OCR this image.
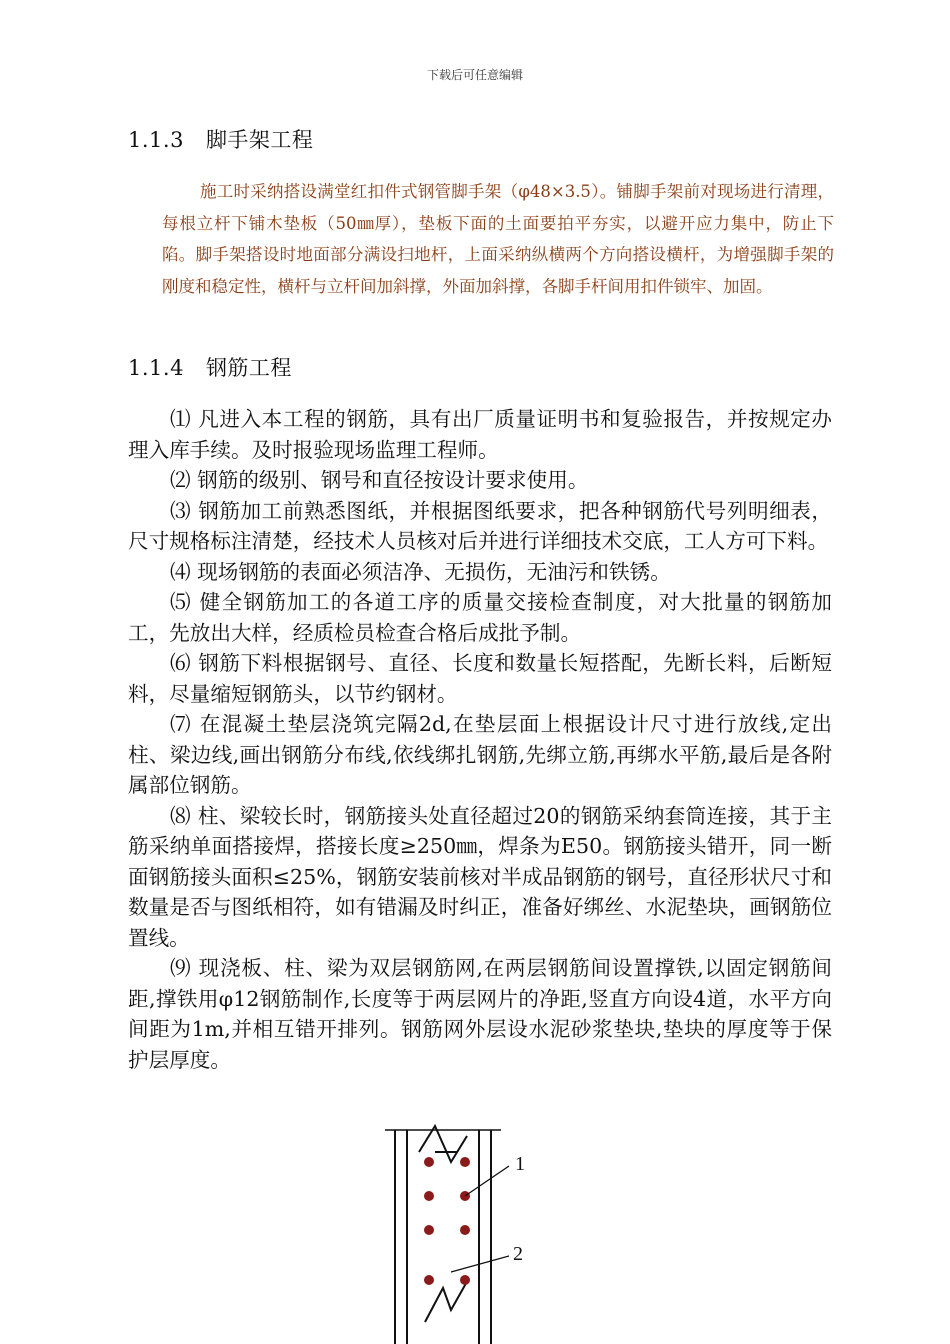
下载后可任意编辑
1.1.3 脚手架工程
施工时采纳搭设满堂红扣件式钢管脚手架（φ48×3.5）。铺脚手架前对现场进行清理，每根立杆下铺木垫板（50㎜厚），垫板下面的土面要拍平夯实，以避开应力集中，防止下陷。脚手架搭设时地面部分满设扫地杆，上面采纳纵横两个方向搭设横杆，为增强脚手架的刚度和稳定性，横杆与立杆间加斜撑，外面加斜撑，各脚手杆间用扣件锁牢、加固。
1.1.4 钢筋工程

⑴ 凡进入本工程的钢筋，具有出厂质量证明书和复验报告，并按规定办理入库手续。及时报验现场监理工程师。

⑵ 钢筋的级别、钢号和直径按设计要求使用。

⑶ 钢筋加工前熟悉图纸，并根据图纸要求，把各种钢筋代号列明细表，尺寸规格标注清楚，经技术人员核对后并进行详细技术交底，工人方可下料。

⑷ 现场钢筋的表面必须洁净、无损伤，无油污和铁锈。

⑸ 健全钢筋加工的各道工序的质量交接检查制度，对大批量的钢筋加工，先放出大样，经质检员检查合格后成批予制。

⑹ 钢筋下料根据钢号、直径、长度和数量长短搭配，先断长料，后断短料，尽量缩短钢筋头，以节约钢材。

⑺ 在混凝土垫层浇筑完隔2d,在垫层面上根据设计尺寸进行放线,定出柱、梁边线,画出钢筋分布线,依线绑扎钢筋,先绑立筋,再绑水平筋,最后是各附属部位钢筋。

⑻ 柱、梁较长时，钢筋接头处直径超过20的钢筋采纳套筒连接，其于主筋采纳单面搭接焊，搭接长度≥250㎜，焊条为E50。钢筋接头错开，同一断面钢筋接头面积≤25%，钢筋安装前核对半成品钢筋的钢号，直径形状尺寸和数量是否与图纸相符，如有错漏及时纠正，准备好绑丝、水泥垫块，画钢筋位置线。

⑼ 现浇板、柱、梁为双层钢筋网,在两层钢筋间设置撑铁,以固定钢筋间距,撑铁用φ12钢筋制作,长度等于两层网片的净距,竖直方向设4道，水平方向间距为1m,并相互错开排列。钢筋网外层设水泥砂浆垫块,垫块的厚度等于保护层厚度。

1
2
